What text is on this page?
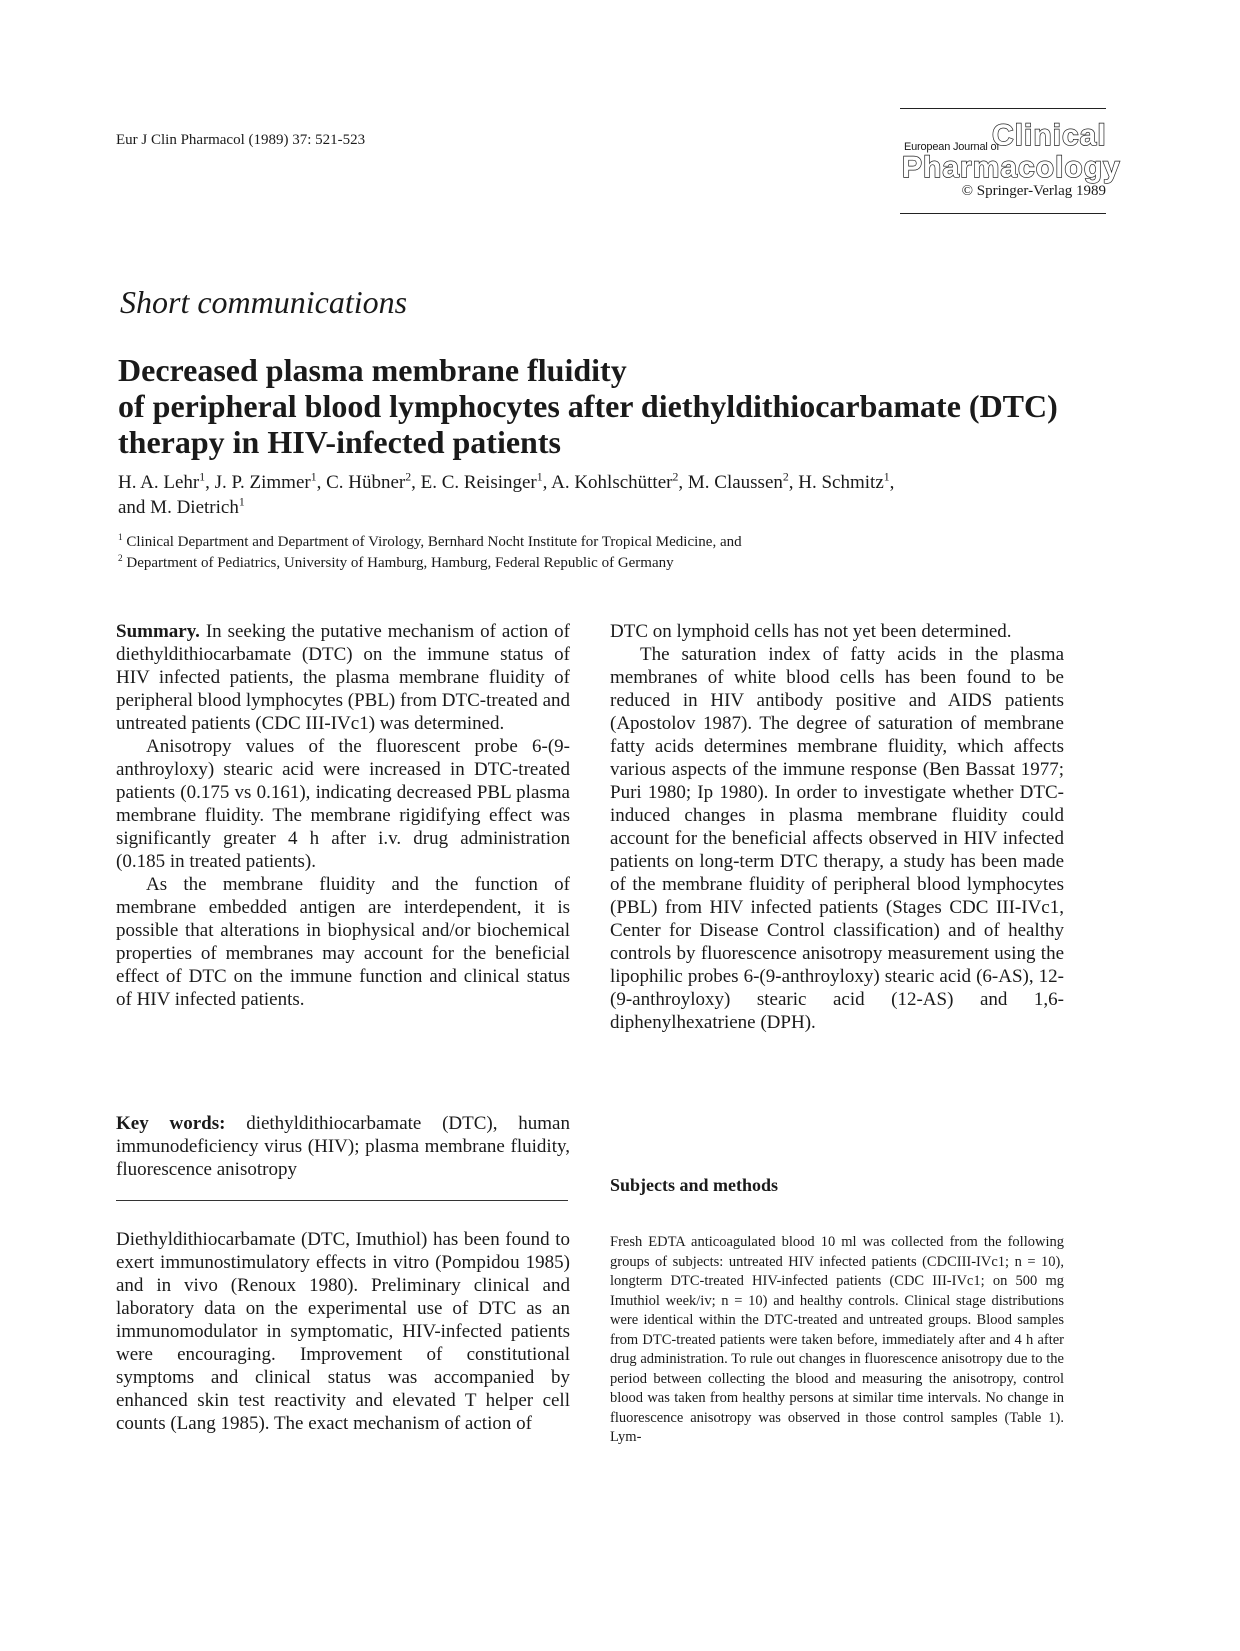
Eur J Clin Pharmacol (1989) 37: 521-523	European Journal of
Clinical
Pharmacology
© Springer-Verlag 1989
Short communications
Decreased plasma membrane fluidity
of peripheral blood lymphocytes after diethyldithiocarbamate (DTC)
therapy in HIV-infected patients
H. A. Lehr$^1$, J. P. Zimmer$^1$, C. Hübner$^2$, E. C. Reisinger$^1$, A. Kohlschütter$^2$, M. Claussen$^2$, H. Schmitz$^1$,
and M. Dietrich$^1$
$^1$ Clinical Department and Department of Virology, Bernhard Nocht Institute for Tropical Medicine, and
$^2$ Department of Pediatrics, University of Hamburg, Hamburg, Federal Republic of Germany

Summary. In seeking the putative mechanism of action of diethyldithiocarbamate (DTC) on the immune status of HIV infected patients, the plasma membrane fluidity of peripheral blood lymphocytes (PBL) from DTC-treated and untreated patients (CDC III-IVc1) was determined.

Anisotropy values of the fluorescent probe 6-(9-anthroyloxy) stearic acid were increased in DTC-treated patients (0.175 vs 0.161), indicating decreased PBL plasma membrane fluidity. The membrane rigidifying effect was significantly greater 4 h after i.v. drug administration (0.185 in treated patients).

As the membrane fluidity and the function of membrane embedded antigen are interdependent, it is possible that alterations in biophysical and/or biochemical properties of membranes may account for the beneficial effect of DTC on the immune function and clinical status of HIV infected patients.

Key words: diethyldithiocarbamate (DTC), human immunodeficiency virus (HIV); plasma membrane fluidity, fluorescence anisotropy

Diethyldithiocarbamate (DTC, Imuthiol) has been found to exert immunostimulatory effects in vitro (Pompidou 1985) and in vivo (Renoux 1980). Preliminary clinical and laboratory data on the experimental use of DTC as an immunomodulator in symptomatic, HIV-infected patients were encouraging. Improvement of constitutional symptoms and clinical status was accompanied by enhanced skin test reactivity and elevated T helper cell counts (Lang 1985). The exact mechanism of action of

DTC on lymphoid cells has not yet been determined.

The saturation index of fatty acids in the plasma membranes of white blood cells has been found to be reduced in HIV antibody positive and AIDS patients (Apostolov 1987). The degree of saturation of membrane fatty acids determines membrane fluidity, which affects various aspects of the immune response (Ben Bassat 1977; Puri 1980; Ip 1980). In order to investigate whether DTC-induced changes in plasma membrane fluidity could account for the beneficial affects observed in HIV infected patients on long-term DTC therapy, a study has been made of the membrane fluidity of peripheral blood lymphocytes (PBL) from HIV infected patients (Stages CDC III-IVc1, Center for Disease Control classification) and of healthy controls by fluorescence anisotropy measurement using the lipophilic probes 6-(9-anthroyloxy) stearic acid (6-AS), 12-(9-anthroyloxy) stearic acid (12-AS) and 1,6-diphenylhexatriene (DPH).

Subjects and methods

Fresh EDTA anticoagulated blood 10 ml was collected from the following groups of subjects: untreated HIV infected patients (CDCIII-IVc1; n = 10), longterm DTC-treated HIV-infected patients (CDC III-IVc1; on 500 mg Imuthiol week/iv; n = 10) and healthy controls. Clinical stage distributions were identical within the DTC-treated and untreated groups. Blood samples from DTC-treated patients were taken before, immediately after and 4 h after drug administration. To rule out changes in fluorescence anisotropy due to the period between collecting the blood and measuring the anisotropy, control blood was taken from healthy persons at similar time intervals. No change in fluorescence anisotropy was observed in those control samples (Table 1). Lym-
